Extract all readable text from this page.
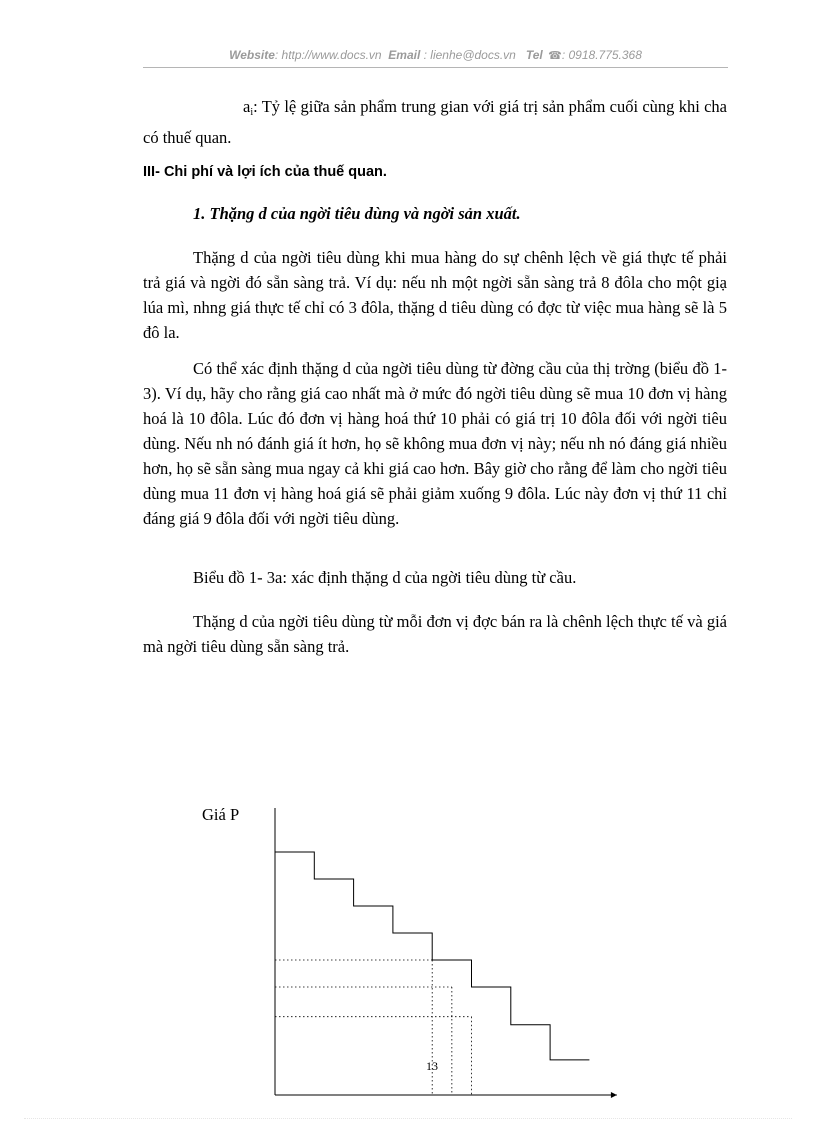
Website: http://www.docs.vn Email : lienhe@docs.vn Tel ☎: 0918.775.368
$a_i$: Tỷ lệ giữa sản phẩm trung gian với giá trị sản phẩm cuối cùng khi cha có thuế quan.
III- Chi phí và lợi ích của thuế quan.
1. Thặng d của ngời tiêu dùng và ngời sản xuất.
Thặng d của ngời tiêu dùng khi mua hàng do sự chênh lệch về giá thực tế phải trả giá và ngời đó sẵn sàng trả. Ví dụ: nếu nh một ngời sẵn sàng trả 8 đôla cho một giạ lúa mì, nhng giá thực tế chỉ có 3 đôla, thặng d tiêu dùng có đợc từ việc mua hàng sẽ là 5 đô la.
Có thể xác định thặng d của ngời tiêu dùng từ đờng cầu của thị trờng (biểu đồ 1-3). Ví dụ, hãy cho rằng giá cao nhất mà ở mức đó ngời tiêu dùng sẽ mua 10 đơn vị hàng hoá là 10 đôla. Lúc đó đơn vị hàng hoá thứ 10 phải có giá trị 10 đôla đối với ngời tiêu dùng. Nếu nh nó đánh giá ít hơn, họ sẽ không mua đơn vị này; nếu nh nó đáng giá nhiều hơn, họ sẽ sẵn sàng mua ngay cả khi giá cao hơn. Bây giờ cho rằng để làm cho ngời tiêu dùng mua 11 đơn vị hàng hoá giá sẽ phải giảm xuống 9 đôla. Lúc này đơn vị thứ 11 chỉ đáng giá 9 đôla đối với ngời tiêu dùng.
Biểu đồ 1- 3a: xác định thặng d của ngời tiêu dùng từ cầu.
Thặng d của ngời tiêu dùng từ mỗi đơn vị đợc bán ra là chênh lệch thực tế và giá mà ngời tiêu dùng sẵn sàng trả.
Giá P
13
